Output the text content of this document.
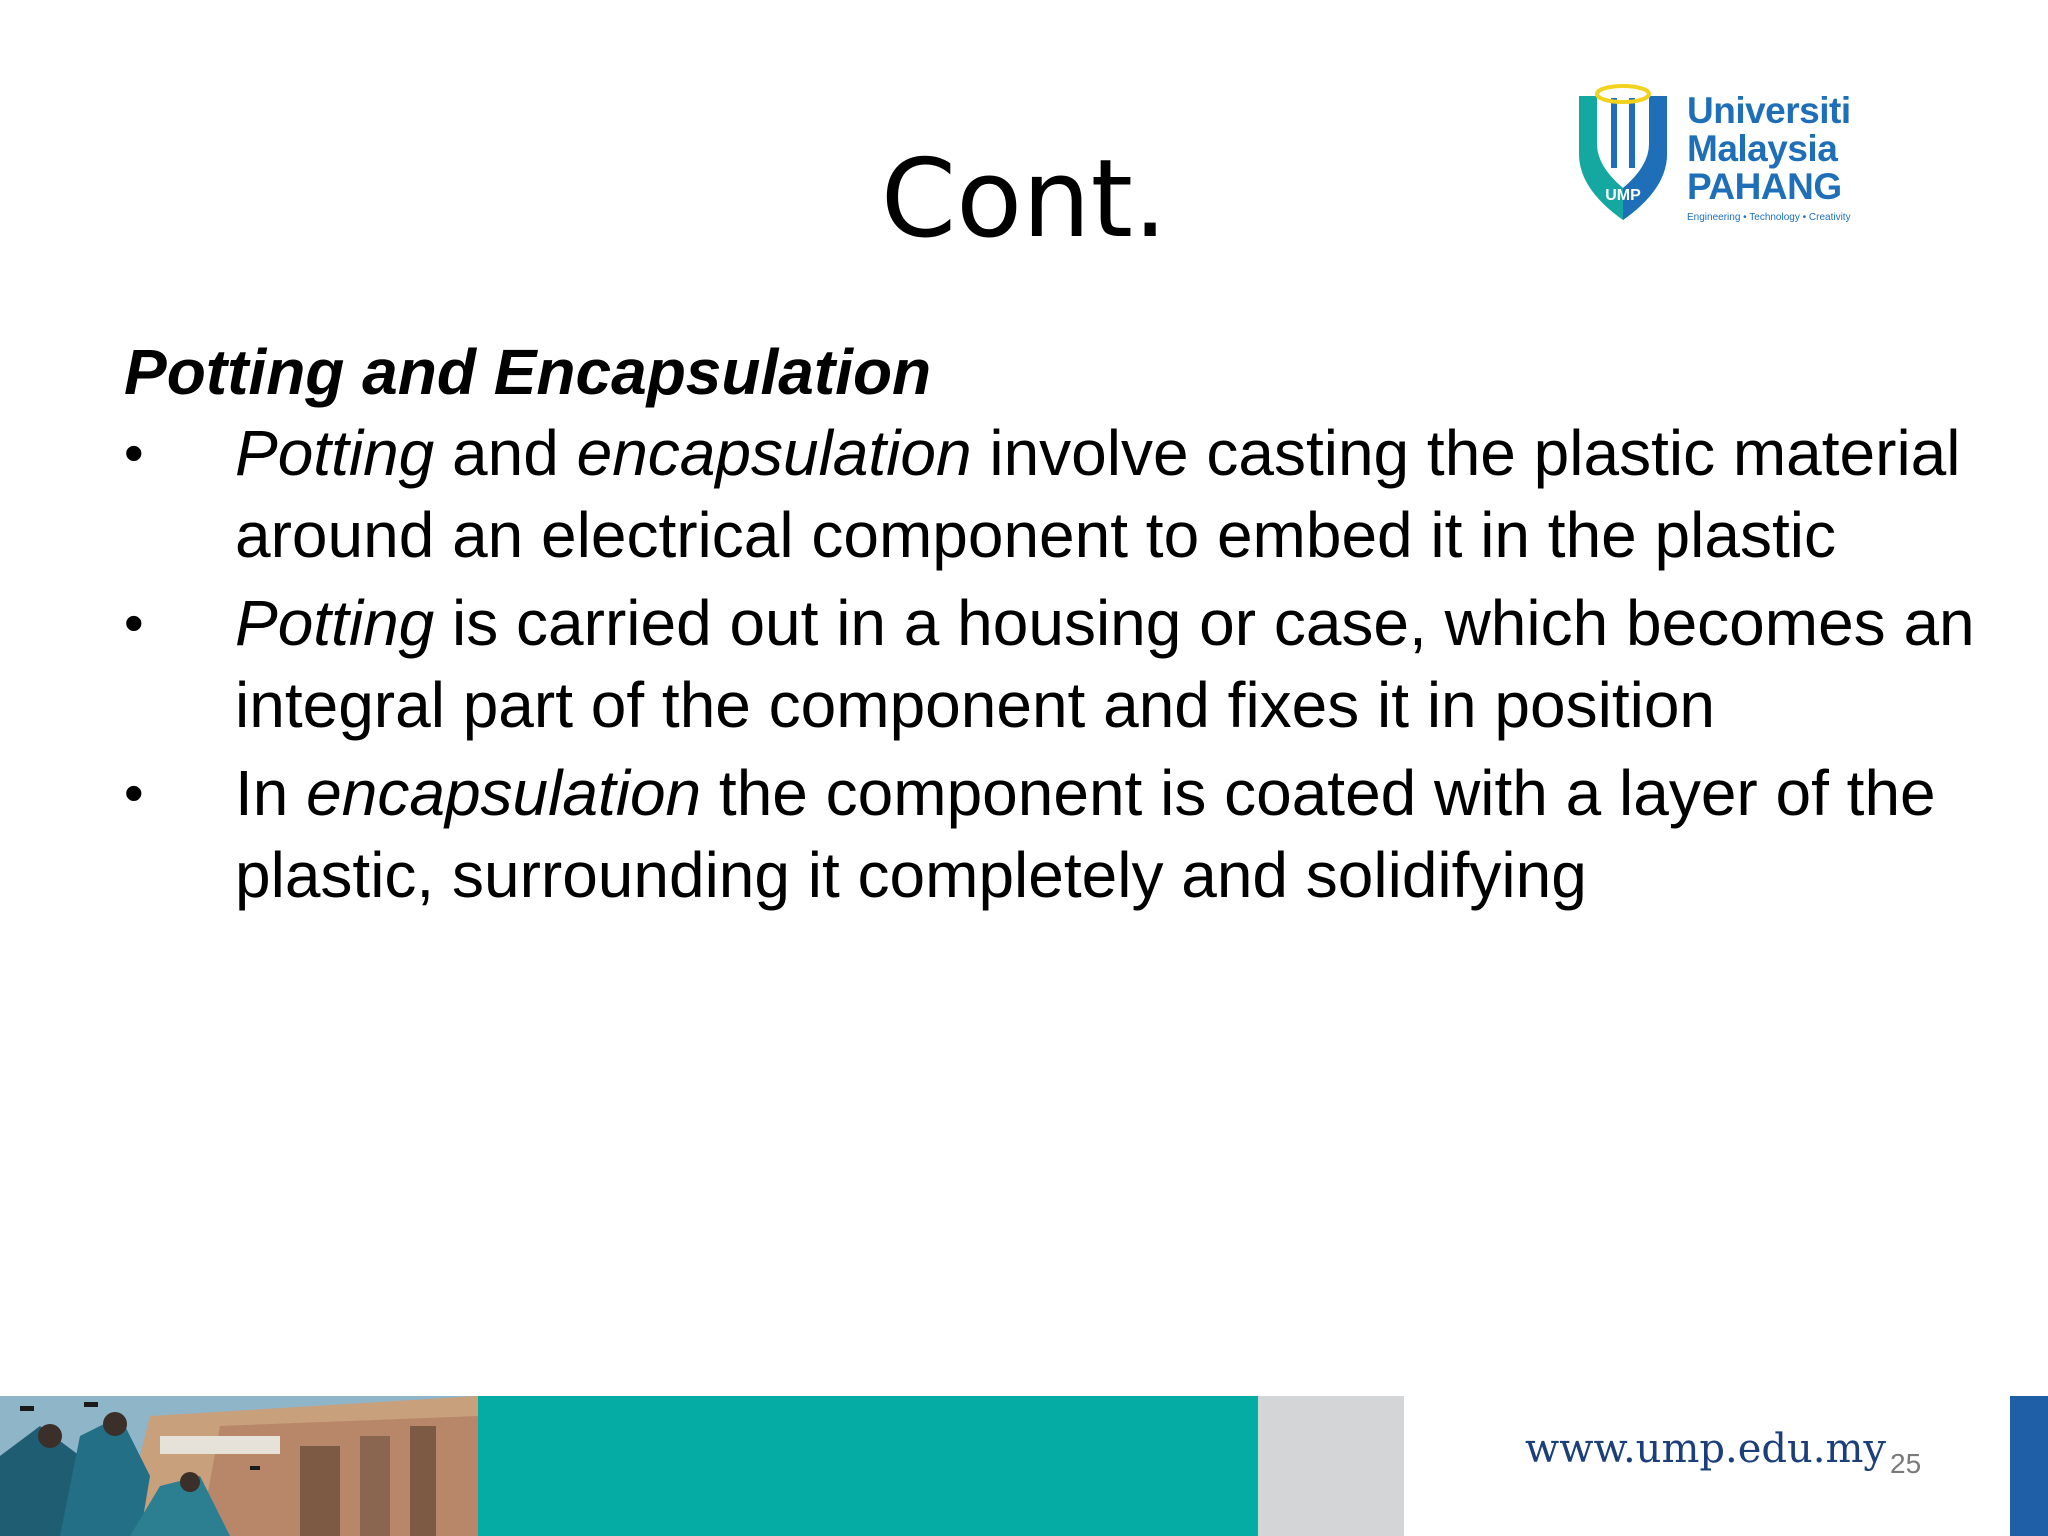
Cont.	UMP
Universiti
Malaysia
PAHANG
Engineering • Technology • Creativity
Potting and Encapsulation
• Potting and encapsulation involve casting the plastic material around an electrical component to embed it in the plastic
• Potting is carried out in a housing or case, which becomes an integral part of the component and fixes it in position
• In encapsulation the component is coated with a layer of the plastic, surrounding it completely and solidifying
www.ump.edu.my 25
